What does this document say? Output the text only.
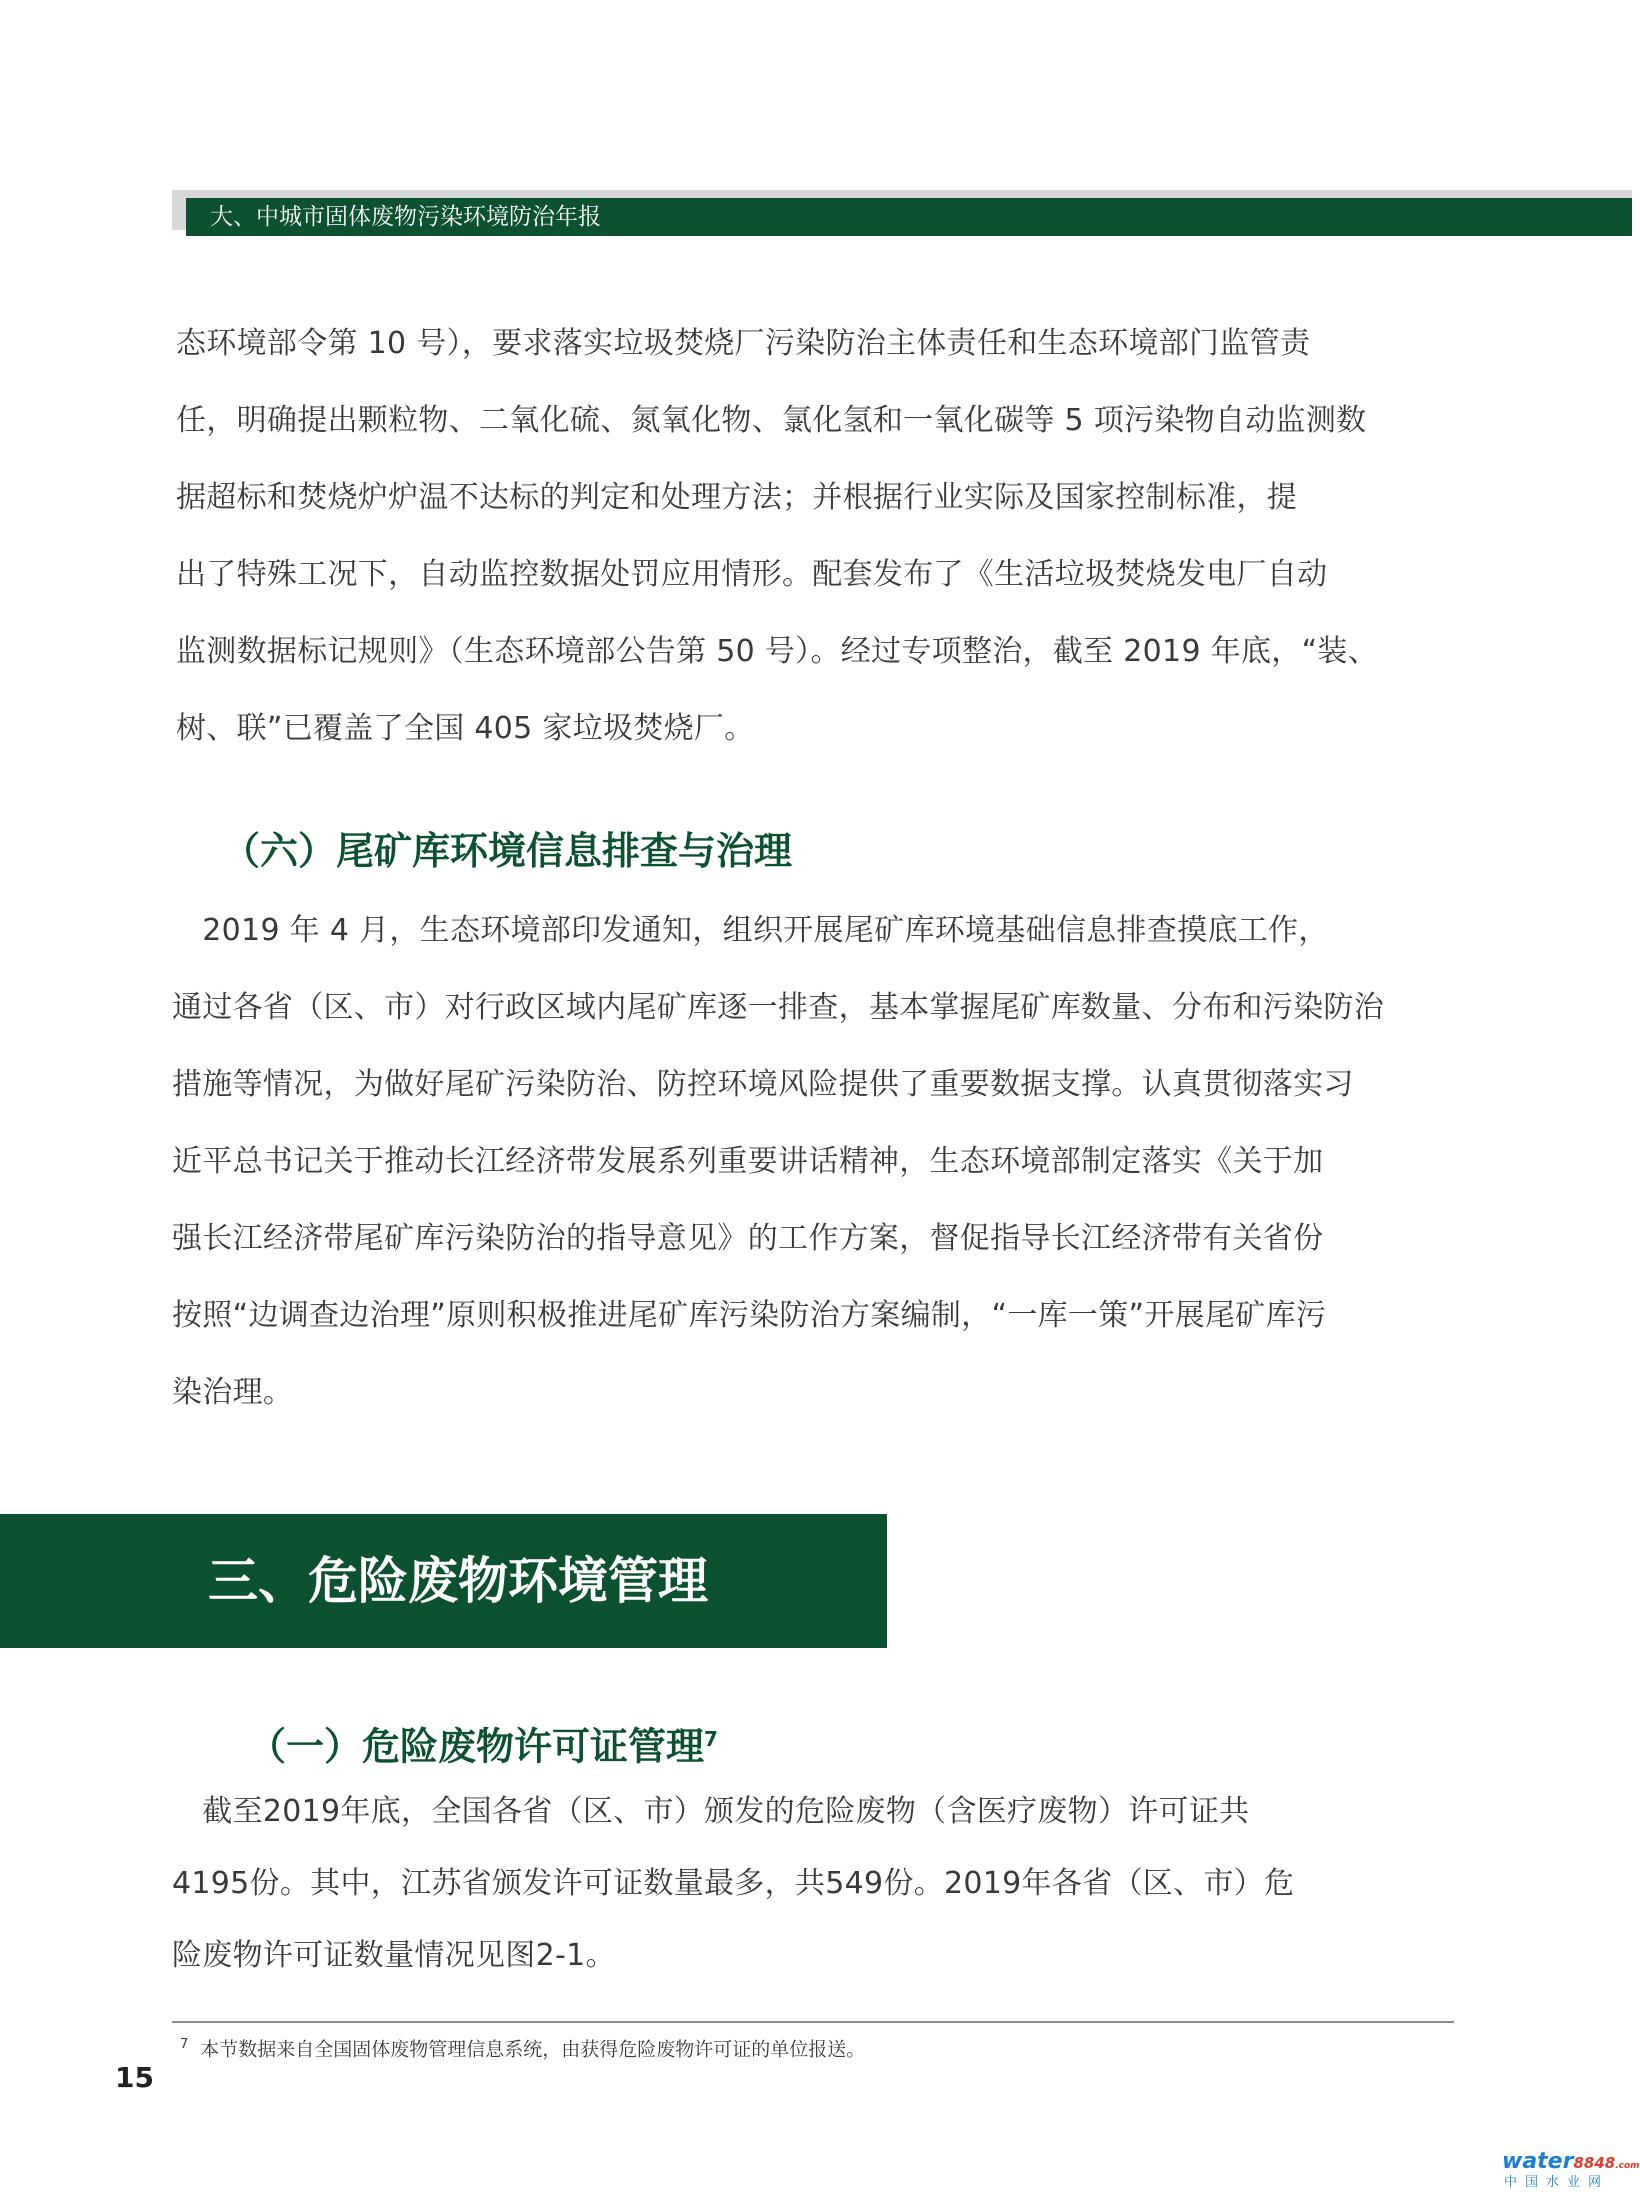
大、中城市固体废物污染环境防治年报
态环境部令第 10 号），要求落实垃圾焚烧厂污染防治主体责任和生态环境部门监管责
任，明确提出颗粒物、二氧化硫、氮氧化物、氯化氢和一氧化碳等 5 项污染物自动监测数
据超标和焚烧炉炉温不达标的判定和处理方法；并根据行业实际及国家控制标准，提
出了特殊工况下，自动监控数据处罚应用情形。配套发布了《生活垃圾焚烧发电厂自动
监测数据标记规则》（生态环境部公告第 50 号）。经过专项整治，截至 2019 年底，“装、
树、联”已覆盖了全国 405 家垃圾焚烧厂。
（六）尾矿库环境信息排查与治理
　2019 年 4 月，生态环境部印发通知，组织开展尾矿库环境基础信息排查摸底工作，
通过各省（区、市）对行政区域内尾矿库逐一排查，基本掌握尾矿库数量、分布和污染防治
措施等情况，为做好尾矿污染防治、防控环境风险提供了重要数据支撑。认真贯彻落实习
近平总书记关于推动长江经济带发展系列重要讲话精神，生态环境部制定落实《关于加
强长江经济带尾矿库污染防治的指导意见》的工作方案，督促指导长江经济带有关省份
按照“边调查边治理”原则积极推进尾矿库污染防治方案编制，“一库一策”开展尾矿库污
染治理。
三、危险废物环境管理
（一）危险废物许可证管理$^7$
　截至2019年底，全国各省（区、市）颁发的危险废物（含医疗废物）许可证共
4195份。其中，江苏省颁发许可证数量最多，共549份。2019年各省（区、市）危
险废物许可证数量情况见图2-1。
$^7$ 本节数据来自全国固体废物管理信息系统，由获得危险废物许可证的单位报送。
15
water8848.com
中国水业网
